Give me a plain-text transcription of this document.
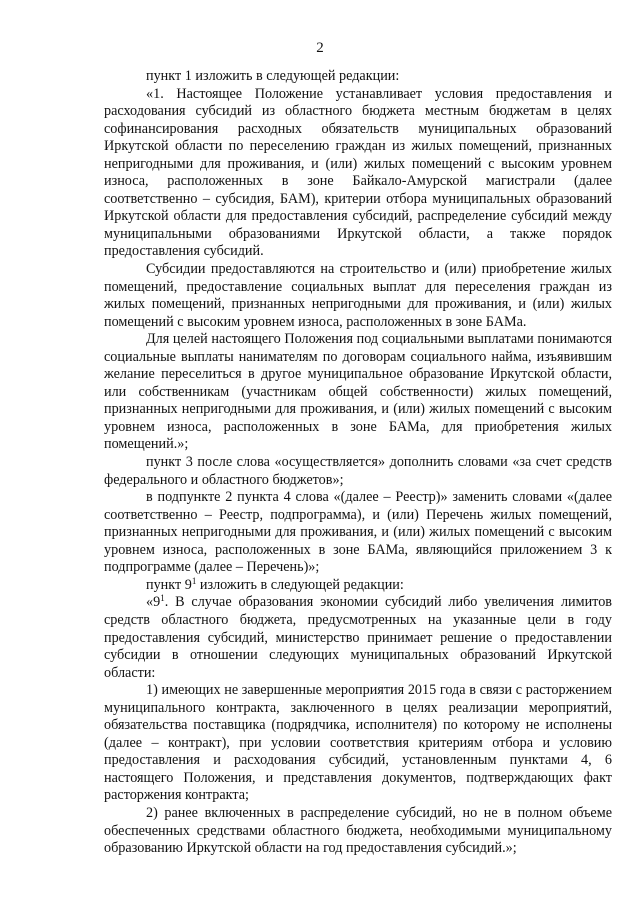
2

пункт 1 изложить в следующей редакции:

«1. Настоящее Положение устанавливает условия предоставления и расходования субсидий из областного бюджета местным бюджетам в целях софинансирования расходных обязательств муниципальных образований Иркутской области по переселению граждан из жилых помещений, признанных непригодными для проживания, и (или) жилых помещений с высоким уровнем износа, расположенных в зоне Байкало-Амурской магистрали (далее соответственно – субсидия, БАМ), критерии отбора муниципальных образований Иркутской области для предоставления субсидий, распределение субсидий между муниципальными образованиями Иркутской области, а также порядок предоставления субсидий.

Субсидии предоставляются на строительство и (или) приобретение жилых помещений, предоставление социальных выплат для переселения граждан из жилых помещений, признанных непригодными для проживания, и (или) жилых помещений с высоким уровнем износа, расположенных в зоне БАМа.

Для целей настоящего Положения под социальными выплатами понимаются социальные выплаты нанимателям по договорам социального найма, изъявившим желание переселиться в другое муниципальное образование Иркутской области, или собственникам (участникам общей собственности) жилых помещений, признанных непригодными для проживания, и (или) жилых помещений с высоким уровнем износа, расположенных в зоне БАМа, для приобретения жилых помещений.»;

пункт 3 после слова «осуществляется» дополнить словами «за счет средств федерального и областного бюджетов»;

в подпункте 2 пункта 4 слова «(далее – Реестр)» заменить словами «(далее соответственно – Реестр, подпрограмма), и (или) Перечень жилых помещений, признанных непригодными для проживания, и (или) жилых помещений с высоким уровнем износа, расположенных в зоне БАМа, являющийся приложением 3 к подпрограмме (далее – Перечень)»;

пункт $9^1$ изложить в следующей редакции:

«$9^1$. В случае образования экономии субсидий либо увеличения лимитов средств областного бюджета, предусмотренных на указанные цели в году предоставления субсидий, министерство принимает решение о предоставлении субсидии в отношении следующих муниципальных образований Иркутской области:

1) имеющих не завершенные мероприятия 2015 года в связи с расторжением муниципального контракта, заключенного в целях реализации мероприятий, обязательства поставщика (подрядчика, исполнителя) по которому не исполнены (далее – контракт), при условии соответствия критериям отбора и условию предоставления и расходования субсидий, установленным пунктами 4, 6 настоящего Положения, и представления документов, подтверждающих факт расторжения контракта;

2) ранее включенных в распределение субсидий, но не в полном объеме обеспеченных средствами областного бюджета, необходимыми муниципальному образованию Иркутской области на год предоставления субсидий.»;
